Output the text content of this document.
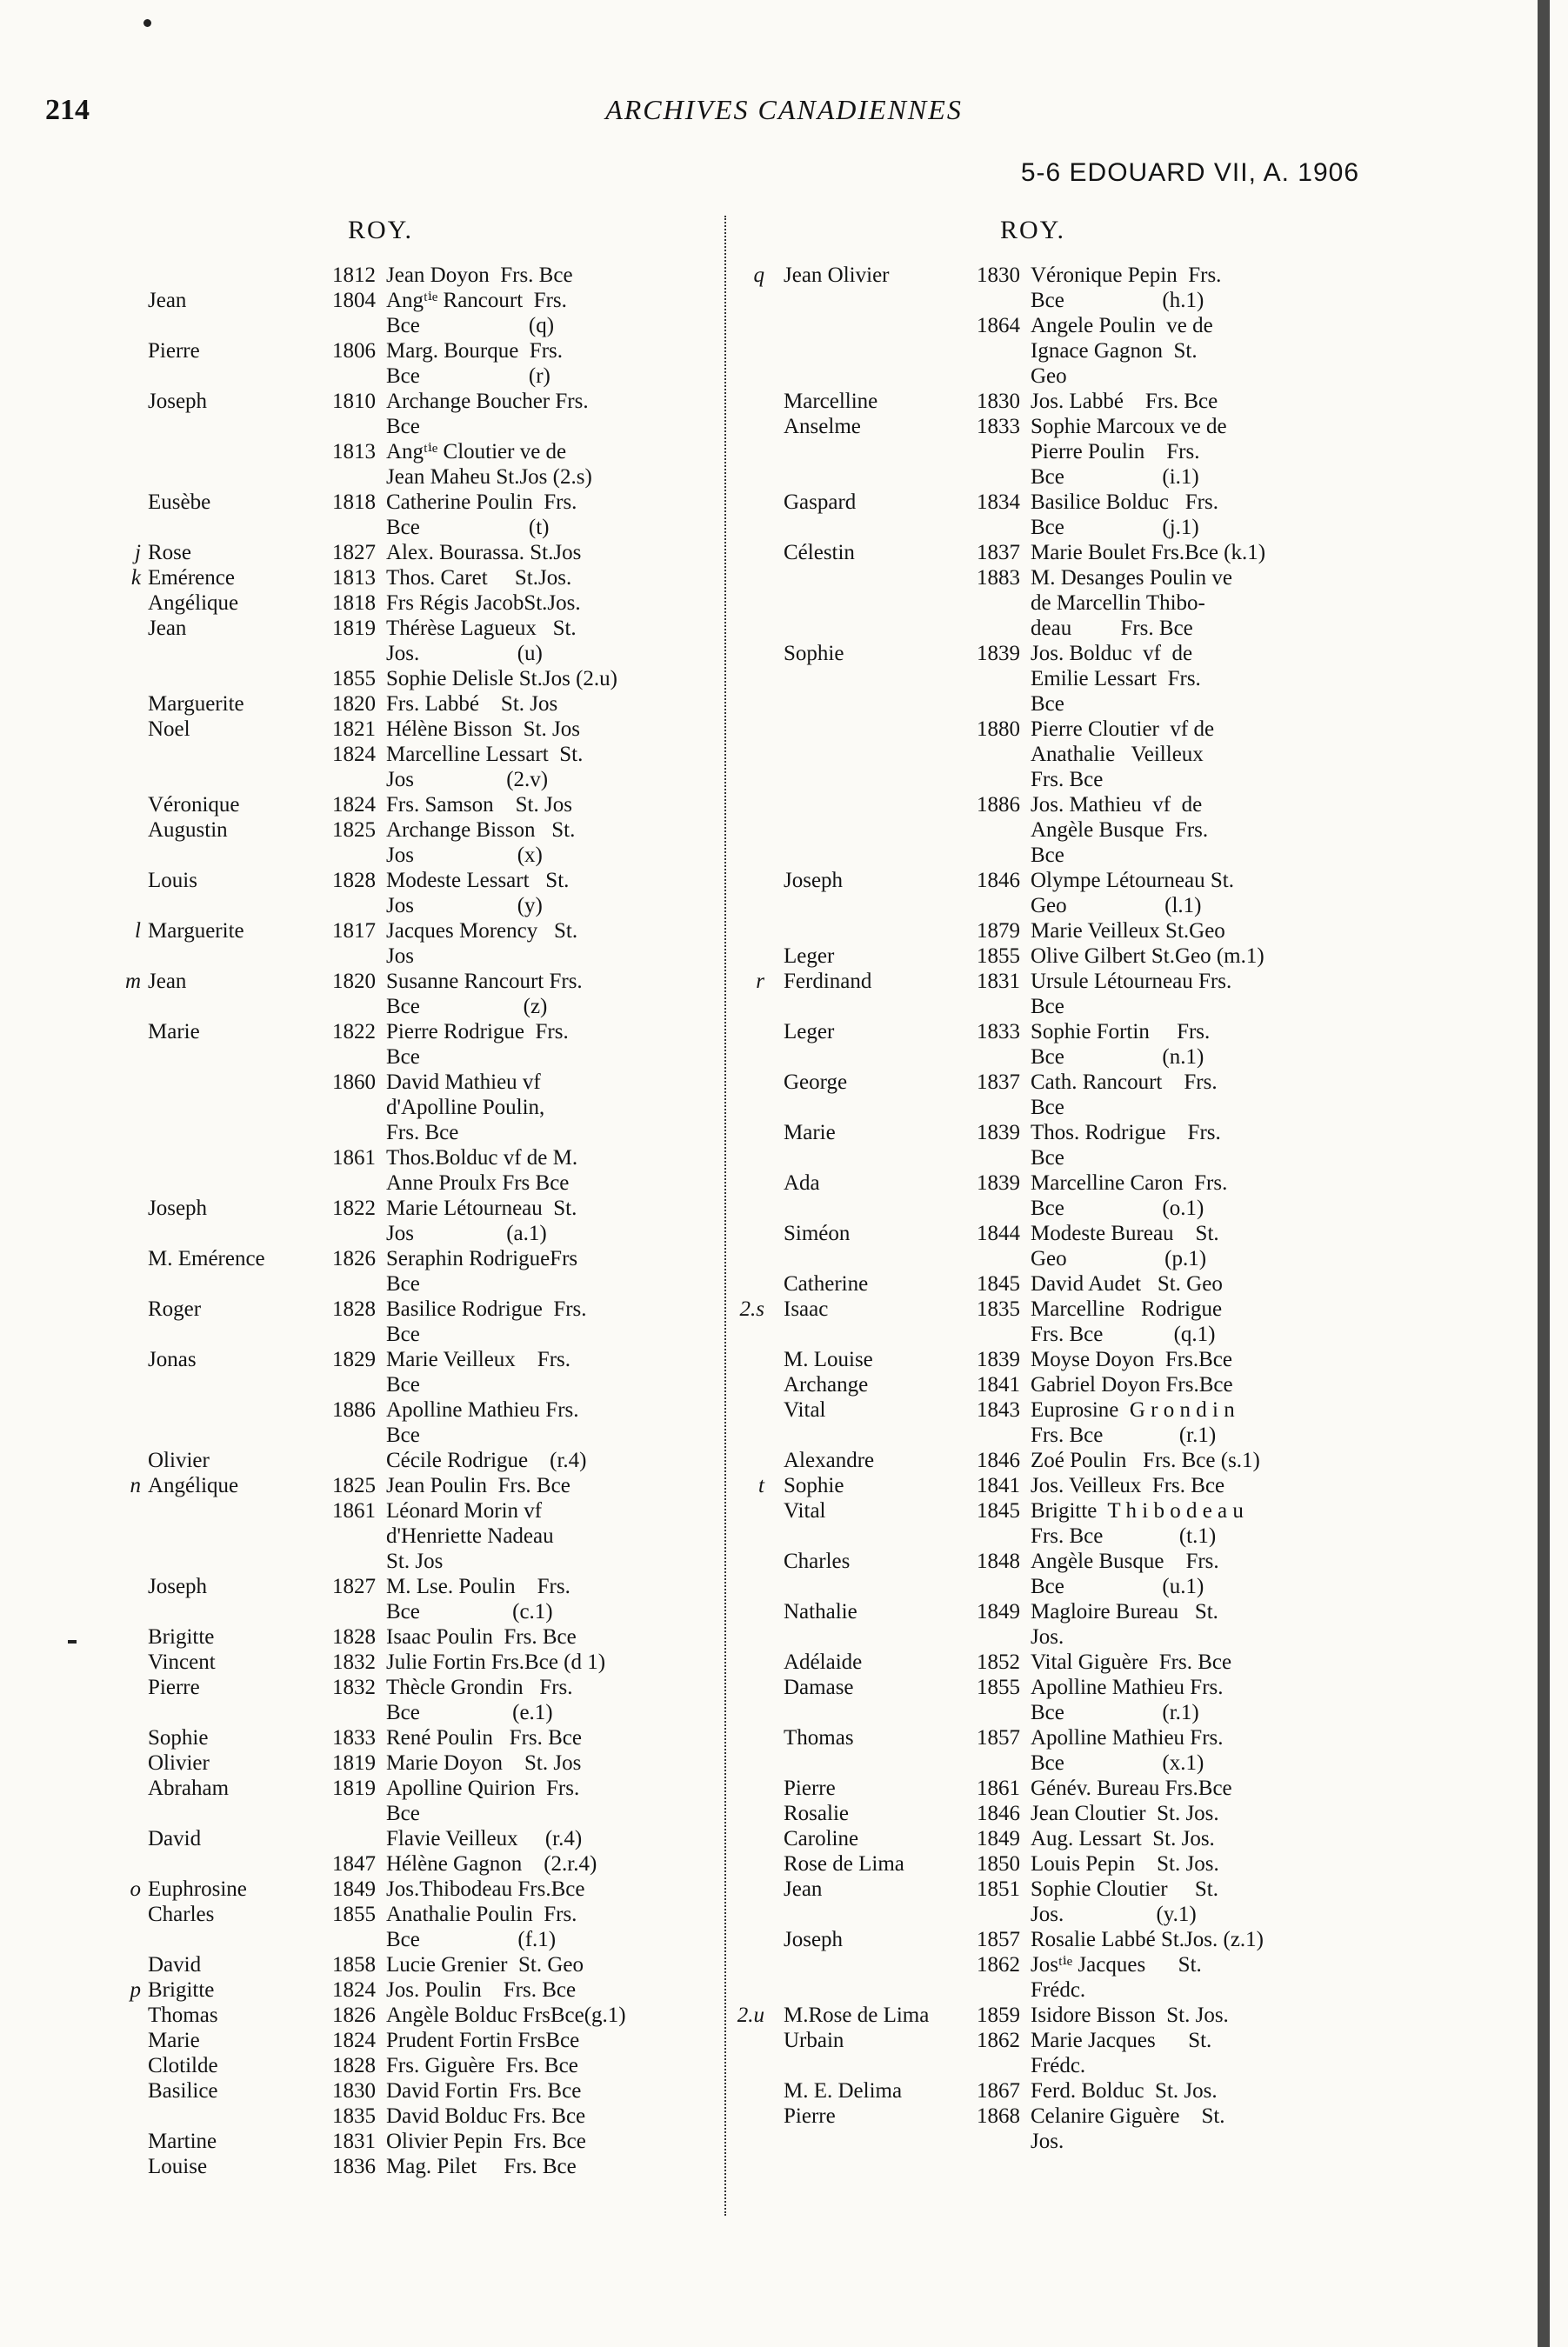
214	ARCHIVES CANADIENNES
5-6 EDOUARD VII, A. 1906
ROY.	ROY.
1812 Jean Doyon  Frs. Bce
Jean	1804 Angᵗⁱᵉ Rancourt  Frs.
Bce                    (q)
Pierre	1806 Marg. Bourque  Frs.
Bce                    (r)
Joseph	1810 Archange Boucher Frs.
Bce
1813 Angᵗⁱᵉ Cloutier ve de
Jean Maheu St.Jos (2.s)
Eusèbe	1818 Catherine Poulin  Frs.
Bce                    (t)
j Rose	1827 Alex. Bourassa. St.Jos
k Emérence	1813 Thos. Caret     St.Jos.
Angélique	1818 Frs Régis JacobSt.Jos.
Jean	1819 Thérèse Lagueux   St.
Jos.                  (u)
1855 Sophie Delisle St.Jos (2.u)
Marguerite	1820 Frs. Labbé    St. Jos
Noel	1821 Hélène Bisson  St. Jos
1824 Marcelline Lessart  St.
Jos                 (2.v)
Véronique	1824 Frs. Samson    St. Jos
Augustin	1825 Archange Bisson   St.
Jos                   (x)
Louis	1828 Modeste Lessart   St.
Jos                   (y)
l Marguerite	1817 Jacques Morency   St.
Jos
m Jean	1820 Susanne Rancourt Frs.
Bce                   (z)
Marie	1822 Pierre Rodrigue  Frs.
Bce
1860 David Mathieu vf
d'Apolline Poulin,
Frs. Bce
1861 Thos.Bolduc vf de M.
Anne Proulx Frs Bce
Joseph	1822 Marie Létourneau  St.
Jos                 (a.1)
M. Emérence	1826 Seraphin RodrigueFrs
Bce
Roger	1828 Basilice Rodrigue  Frs.
Bce
Jonas	1829 Marie Veilleux    Frs.
Bce
1886 Apolline Mathieu Frs.
Bce
Olivier	Cécile Rodrigue    (r.4)
n Angélique	1825 Jean Poulin  Frs. Bce
1861 Léonard Morin vf
d'Henriette Nadeau
St. Jos
Joseph	1827 M. Lse. Poulin    Frs.
Bce                 (c.1)
Brigitte	1828 Isaac Poulin  Frs. Bce
Vincent	1832 Julie Fortin Frs.Bce (d 1)
Pierre	1832 Thècle Grondin   Frs.
Bce                 (e.1)
Sophie	1833 René Poulin   Frs. Bce
Olivier	1819 Marie Doyon    St. Jos
Abraham	1819 Apolline Quirion  Frs.
Bce
David	Flavie Veilleux     (r.4)
1847 Hélène Gagnon    (2.r.4)
o Euphrosine	1849 Jos.Thibodeau Frs.Bce
Charles	1855 Anathalie Poulin  Frs.
Bce                  (f.1)
David	1858 Lucie Grenier  St. Geo
p Brigitte	1824 Jos. Poulin    Frs. Bce
Thomas	1826 Angèle Bolduc FrsBce(g.1)
Marie	1824 Prudent Fortin FrsBce
Clotilde	1828 Frs. Giguère  Frs. Bce
Basilice	1830 David Fortin  Frs. Bce
1835 David Bolduc Frs. Bce
Martine	1831 Olivier Pepin  Frs. Bce
Louise	1836 Mag. Pilet     Frs. Bce
q Jean Olivier	1830 Véronique Pepin  Frs.
Bce                  (h.1)
1864 Angele Poulin  ve de
Ignace Gagnon  St.
Geo
Marcelline	1830 Jos. Labbé    Frs. Bce
Anselme	1833 Sophie Marcoux ve de
Pierre Poulin    Frs.
Bce                  (i.1)
Gaspard	1834 Basilice Bolduc   Frs.
Bce                  (j.1)
Célestin	1837 Marie Boulet Frs.Bce (k.1)
1883 M. Desanges Poulin ve
de Marcellin Thibo-
deau         Frs. Bce
Sophie	1839 Jos. Bolduc  vf  de
Emilie Lessart  Frs.
Bce
1880 Pierre Cloutier  vf de
Anathalie   Veilleux
Frs. Bce
1886 Jos. Mathieu  vf  de
Angèle Busque  Frs.
Bce
Joseph	1846 Olympe Létourneau St.
Geo                  (l.1)
1879 Marie Veilleux St.Geo
Leger	1855 Olive Gilbert St.Geo (m.1)
r Ferdinand	1831 Ursule Létourneau Frs.
Bce
Leger	1833 Sophie Fortin     Frs.
Bce                  (n.1)
George	1837 Cath. Rancourt    Frs.
Bce
Marie	1839 Thos. Rodrigue    Frs.
Bce
Ada	1839 Marcelline Caron  Frs.
Bce                  (o.1)
Siméon	1844 Modeste Bureau    St.
Geo                  (p.1)
Catherine	1845 David Audet   St. Geo
2.s Isaac	1835 Marcelline   Rodrigue
Frs. Bce             (q.1)
M. Louise	1839 Moyse Doyon  Frs.Bce
Archange	1841 Gabriel Doyon Frs.Bce
Vital	1843 Euprosine  G r o n d i n
Frs. Bce              (r.1)
Alexandre	1846 Zoé Poulin   Frs. Bce (s.1)
t Sophie	1841 Jos. Veilleux  Frs. Bce
Vital	1845 Brigitte  T h i b o d e a u
Frs. Bce              (t.1)
Charles	1848 Angèle Busque    Frs.
Bce                  (u.1)
Nathalie	1849 Magloire Bureau   St.
Jos.
Adélaide	1852 Vital Giguère  Frs. Bce
Damase	1855 Apolline Mathieu Frs.
Bce                  (r.1)
Thomas	1857 Apolline Mathieu Frs.
Bce                  (x.1)
Pierre	1861 Génév. Bureau Frs.Bce
Rosalie	1846 Jean Cloutier  St. Jos.
Caroline	1849 Aug. Lessart  St. Jos.
Rose de Lima	1850 Louis Pepin    St. Jos.
Jean	1851 Sophie Cloutier     St.
Jos.                 (y.1)
Joseph	1857 Rosalie Labbé St.Jos. (z.1)
1862 Josᵗⁱᵉ Jacques      St.
Frédc.
2.u M.Rose de Lima 1859 Isidore Bisson  St. Jos.
Urbain	1862 Marie Jacques      St.
Frédc.
M. E. Delima	1867 Ferd. Bolduc  St. Jos.
Pierre	1868 Celanire Giguère    St.
Jos.
